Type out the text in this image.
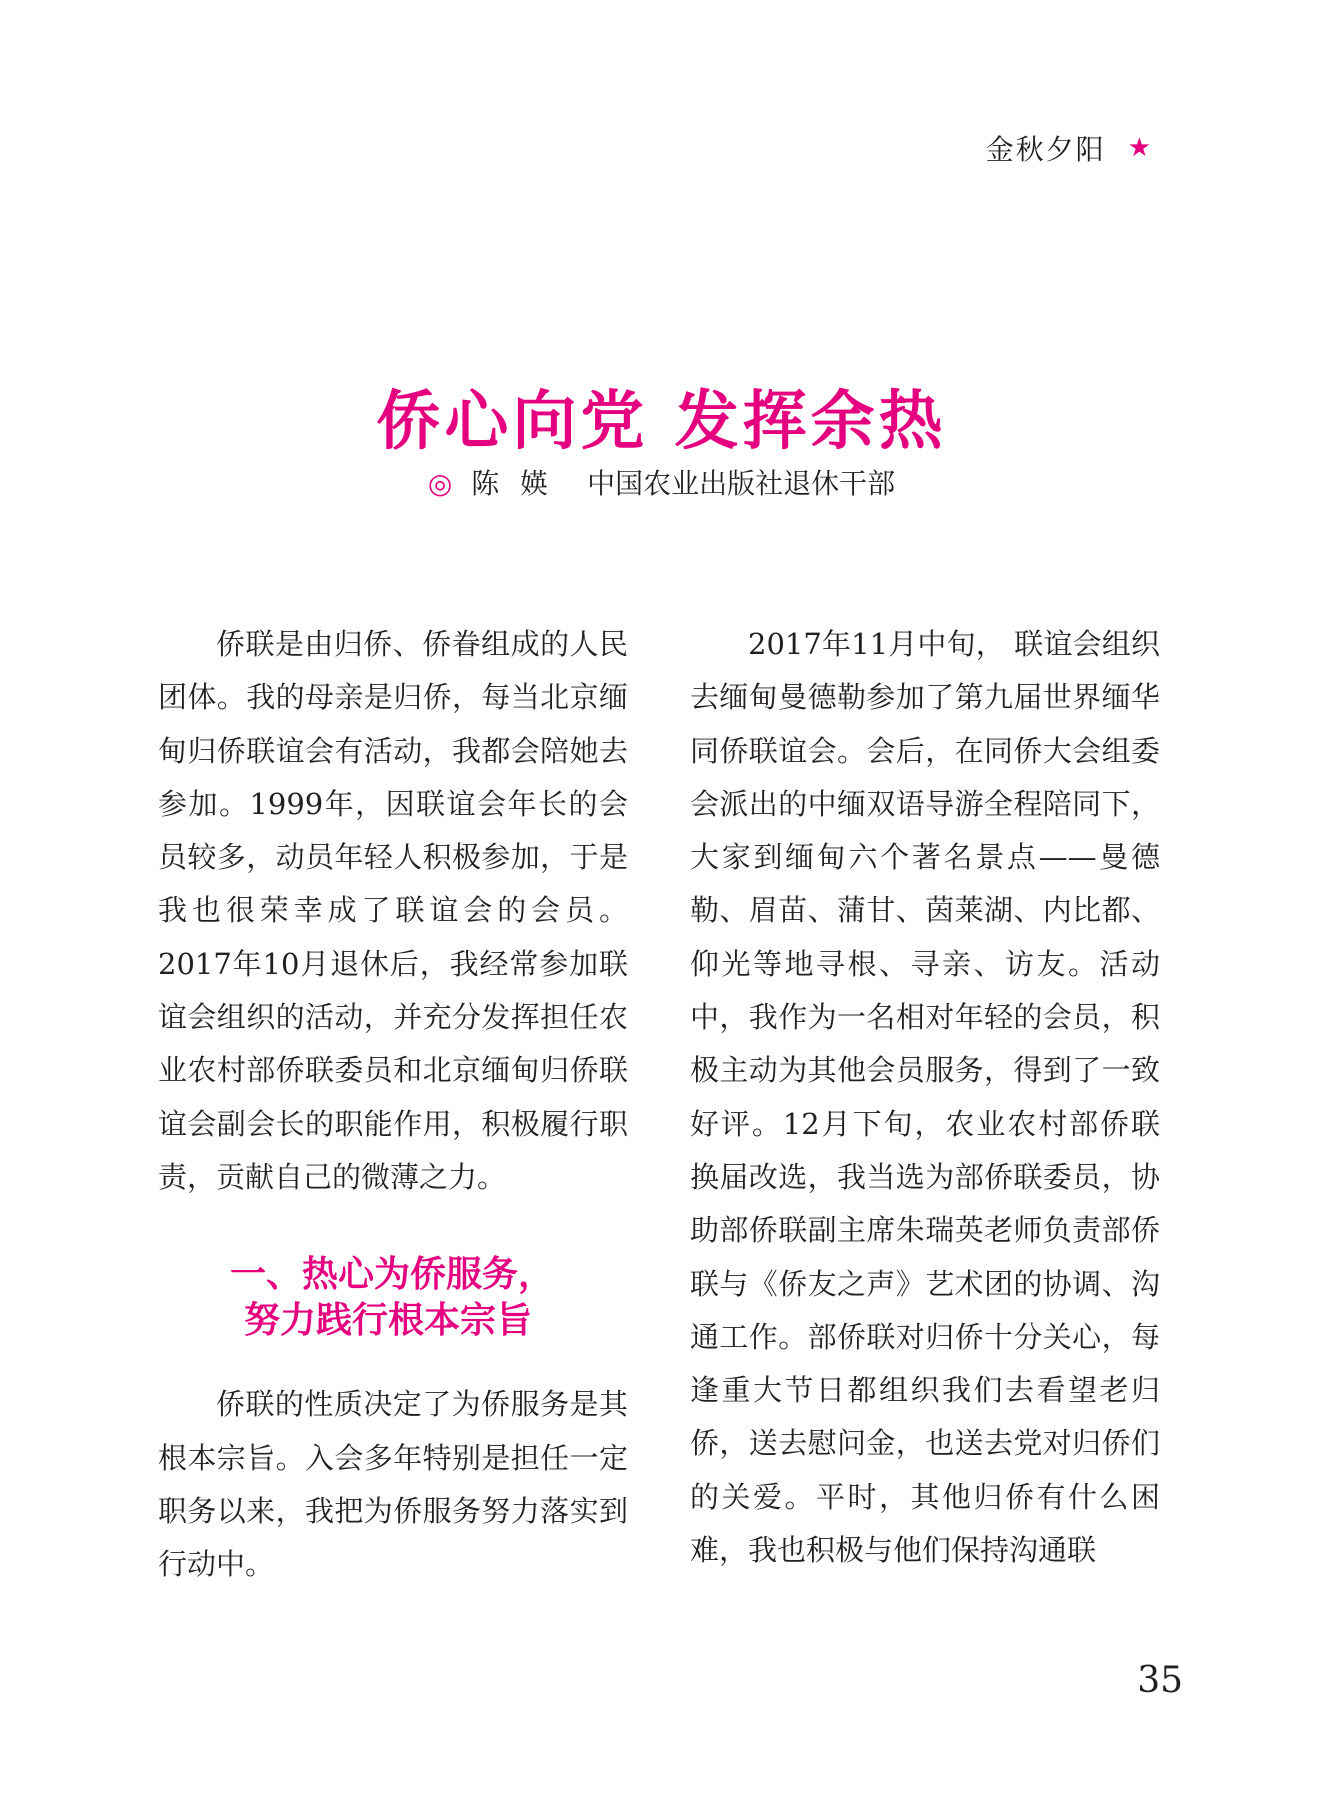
金秋夕阳 ★
侨心向党 发挥余热
◎ 陈 媖 中国农业出版社退休干部

侨联是由归侨、侨眷组成的人民团体。我的母亲是归侨，每当北京缅甸归侨联谊会有活动，我都会陪她去参加。1999年，因联谊会年长的会员较多，动员年轻人积极参加，于是我也很荣幸成了联谊会的会员。2017年10月退休后，我经常参加联谊会组织的活动，并充分发挥担任农业农村部侨联委员和北京缅甸归侨联谊会副会长的职能作用，积极履行职责，贡献自己的微薄之力。

一、热心为侨服务，
努力践行根本宗旨

侨联的性质决定了为侨服务是其根本宗旨。入会多年特别是担任一定职务以来，我把为侨服务努力落实到行动中。

2017年11月中旬， 联谊会组织去缅甸曼德勒参加了第九届世界缅华同侨联谊会。会后，在同侨大会组委会派出的中缅双语导游全程陪同下，大家到缅甸六个著名景点——曼德勒、眉苗、蒲甘、茵莱湖、内比都、仰光等地寻根、寻亲、访友。活动中，我作为一名相对年轻的会员，积极主动为其他会员服务，得到了一致好评。12月下旬，农业农村部侨联换届改选，我当选为部侨联委员，协助部侨联副主席朱瑞英老师负责部侨联与《侨友之声》艺术团的协调、沟通工作。部侨联对归侨十分关心，每逢重大节日都组织我们去看望老归侨，送去慰问金，也送去党对归侨们的关爱。平时，其他归侨有什么困难，我也积极与他们保持沟通联

35
